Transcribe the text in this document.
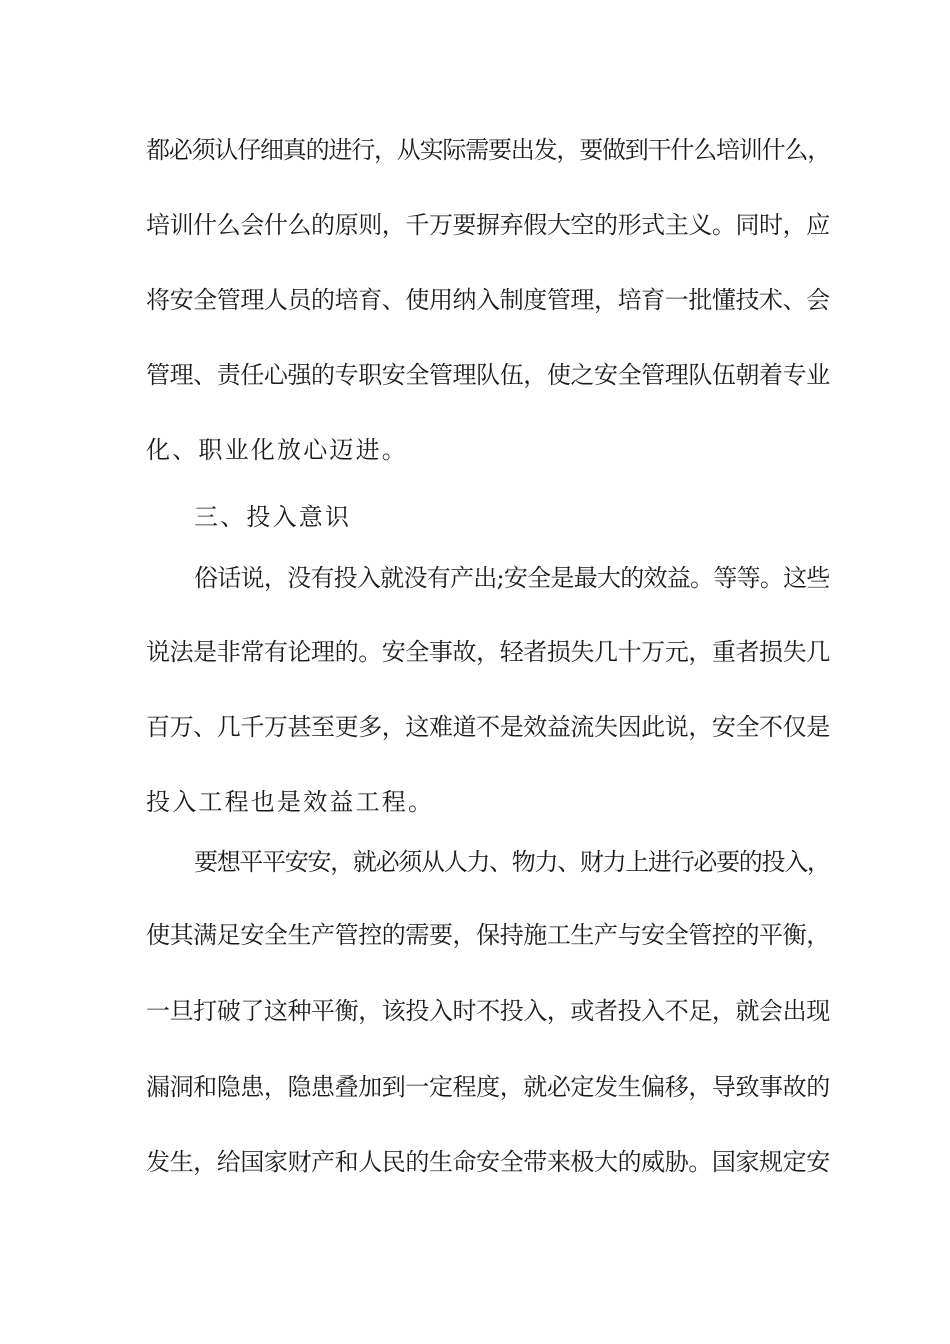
都必须认仔细真的进行，从实际需要出发，要做到干什么培训什么，
培训什么会什么的原则，千万要摒弃假大空的形式主义。同时，应
将安全管理人员的培育、使用纳入制度管理，培育一批懂技术、会
管理、责任心强的专职安全管理队伍，使之安全管理队伍朝着专业
化、职业化放心迈进。
三、投入意识
俗话说，没有投入就没有产出;安全是最大的效益。等等。这些
说法是非常有论理的。安全事故，轻者损失几十万元，重者损失几
百万、几千万甚至更多，这难道不是效益流失因此说，安全不仅是
投入工程也是效益工程。
要想平平安安，就必须从人力、物力、财力上进行必要的投入，
使其满足安全生产管控的需要，保持施工生产与安全管控的平衡，
一旦打破了这种平衡，该投入时不投入，或者投入不足，就会出现
漏洞和隐患，隐患叠加到一定程度，就必定发生偏移，导致事故的
发生，给国家财产和人民的生命安全带来极大的威胁。国家规定安
